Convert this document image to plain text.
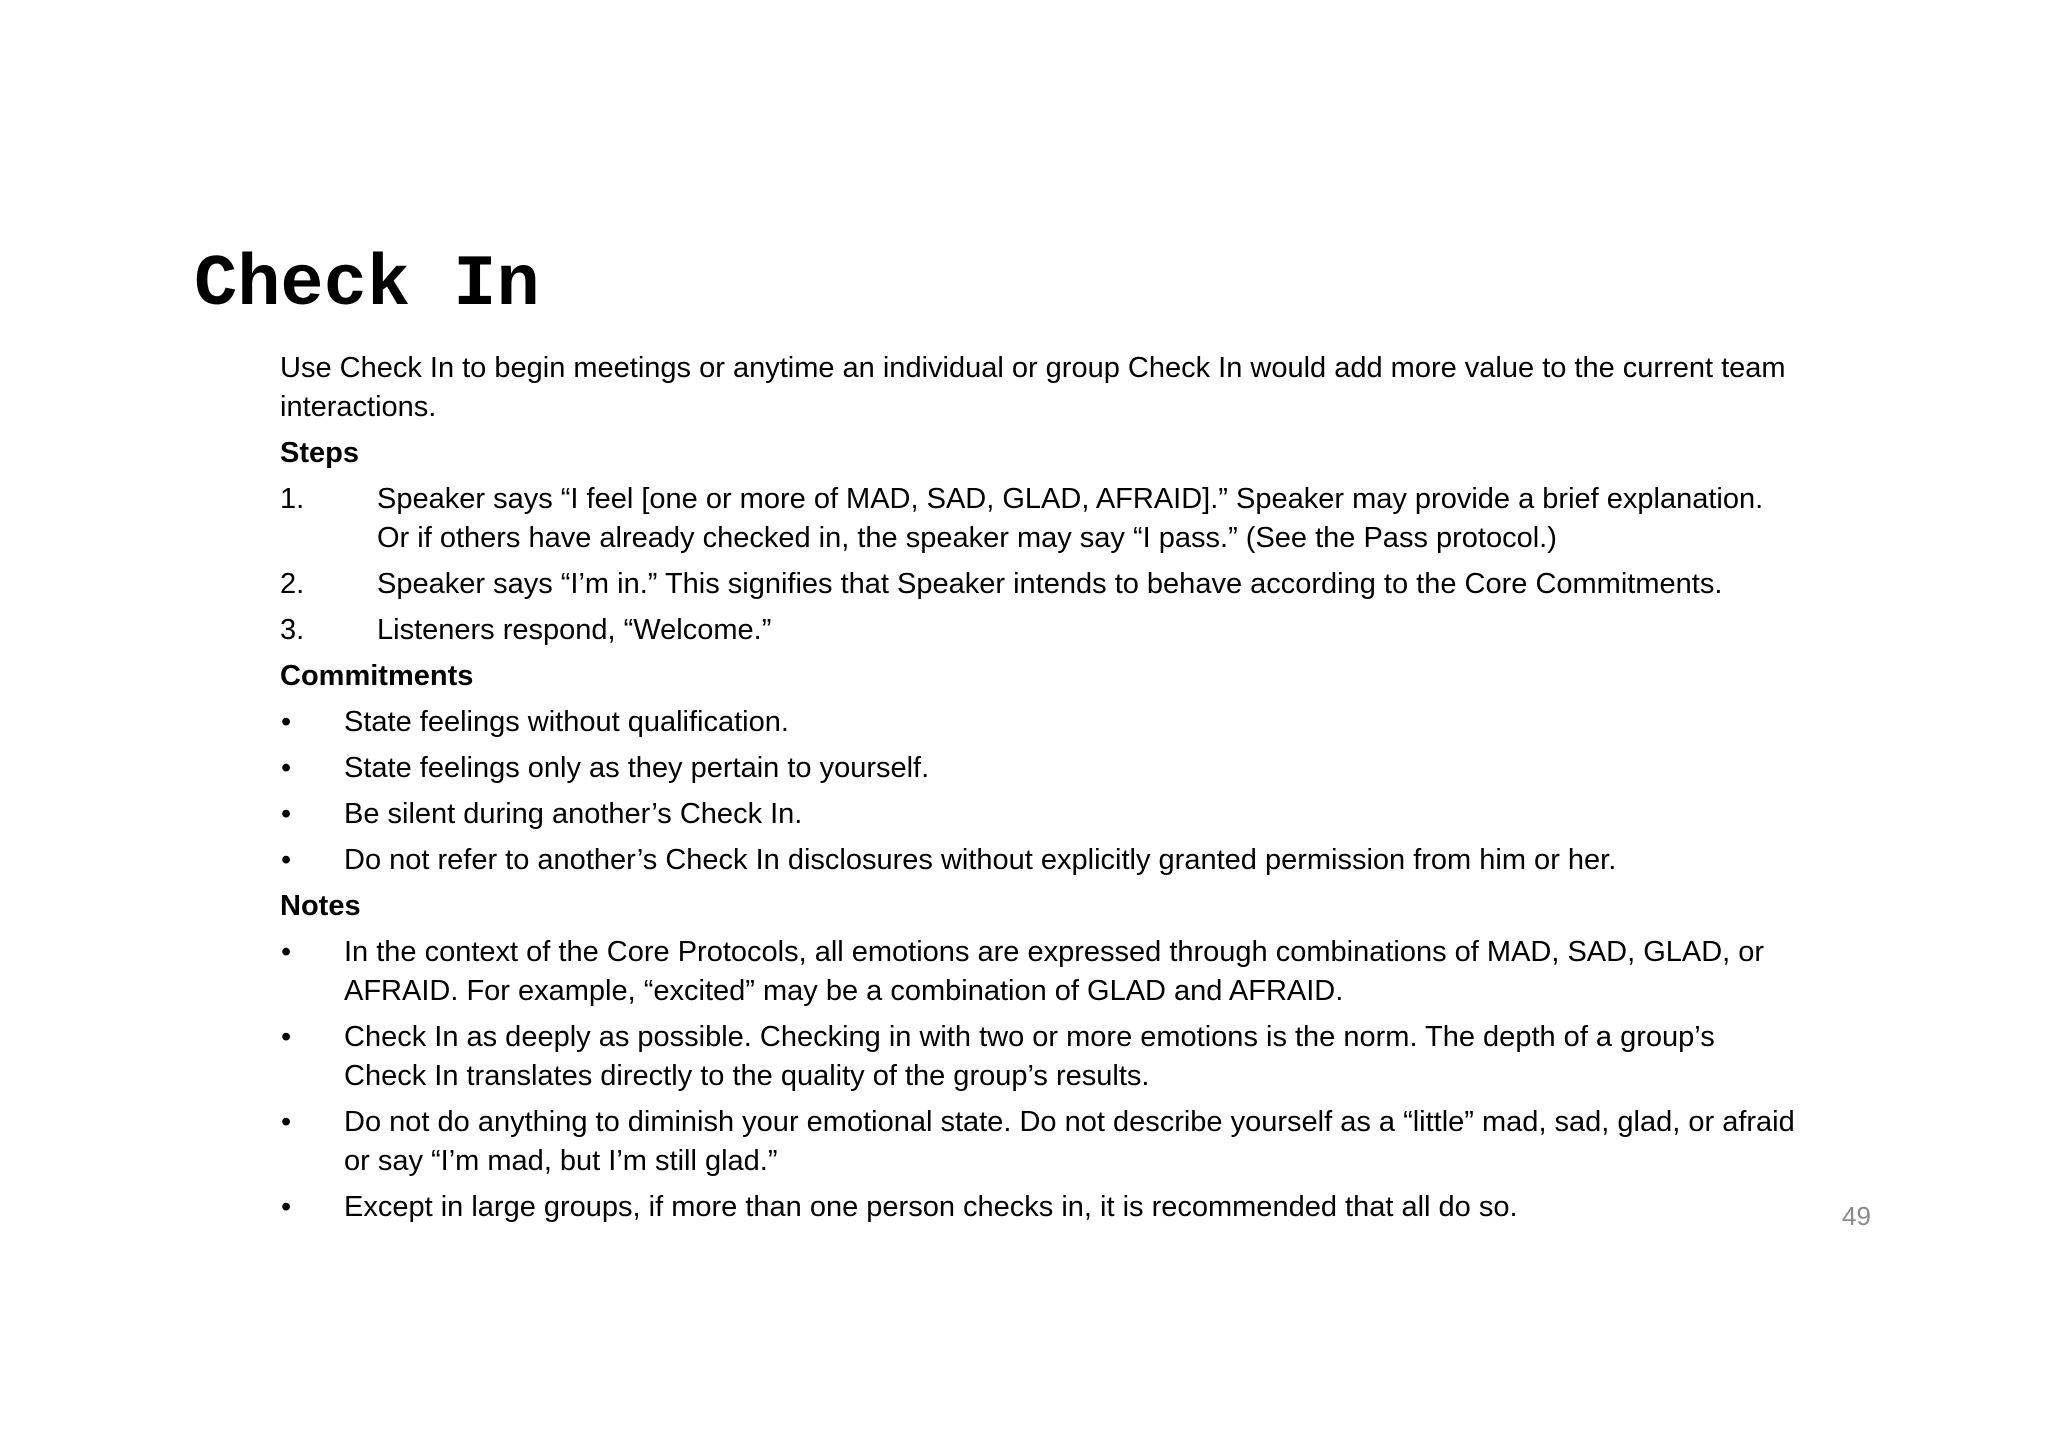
Check In

Use Check In to begin meetings or anytime an individual or group Check In would add more value to the current team interactions.

Steps
1.	Speaker says “I feel [one or more of MAD, SAD, GLAD, AFRAID].” Speaker may provide a brief explanation. Or if others have already checked in, the speaker may say “I pass.” (See the Pass protocol.)
2.	Speaker says “I’m in.” This signifies that Speaker intends to behave according to the Core Commitments.
3.	Listeners respond, “Welcome.”
Commitments
• State feelings without qualification.
• State feelings only as they pertain to yourself.
• Be silent during another’s Check In.
• Do not refer to another’s Check In disclosures without explicitly granted permission from him or her.
Notes
• In the context of the Core Protocols, all emotions are expressed through combinations of MAD, SAD, GLAD, or AFRAID. For example, “excited” may be a combination of GLAD and AFRAID.
• Check In as deeply as possible. Checking in with two or more emotions is the norm. The depth of a group’s Check In translates directly to the quality of the group’s results.
• Do not do anything to diminish your emotional state. Do not describe yourself as a “little” mad, sad, glad, or afraid or say “I’m mad, but I’m still glad.”
• Except in large groups, if more than one person checks in, it is recommended that all do so.	49
